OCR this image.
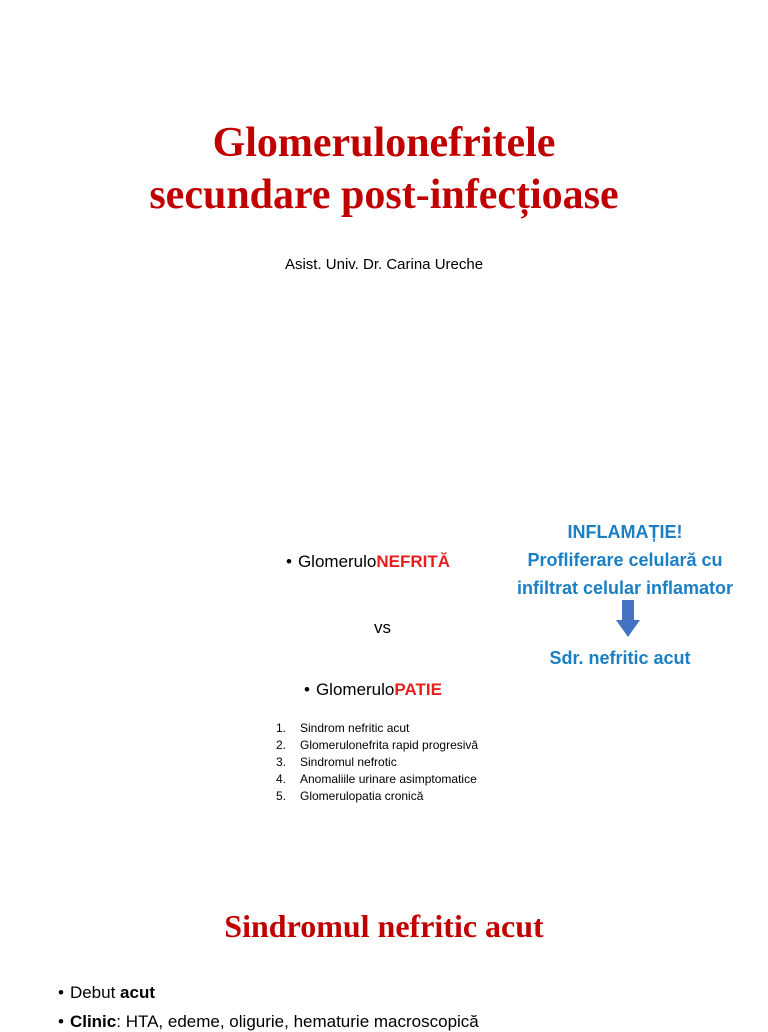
Glomerulonefritele
secundare post-infecțioase
Asist. Univ. Dr. Carina Ureche
• GlomeruloNEFRITĂ
vs
• GlomeruloPATIE
1. Sindrom nefritic acut
2. Glomerulonefrita rapid progresivă
3. Sindromul nefrotic
4. Anomaliile urinare asimptomatice
5. Glomerulopatia cronică
INFLAMAȚIE!
Profliferare celulară cu
infiltrat celular inflamator
Sdr. nefritic acut
Sindromul nefritic acut
• Debut acut
• Clinic: HTA, edeme, oligurie, hematurie macroscopică
